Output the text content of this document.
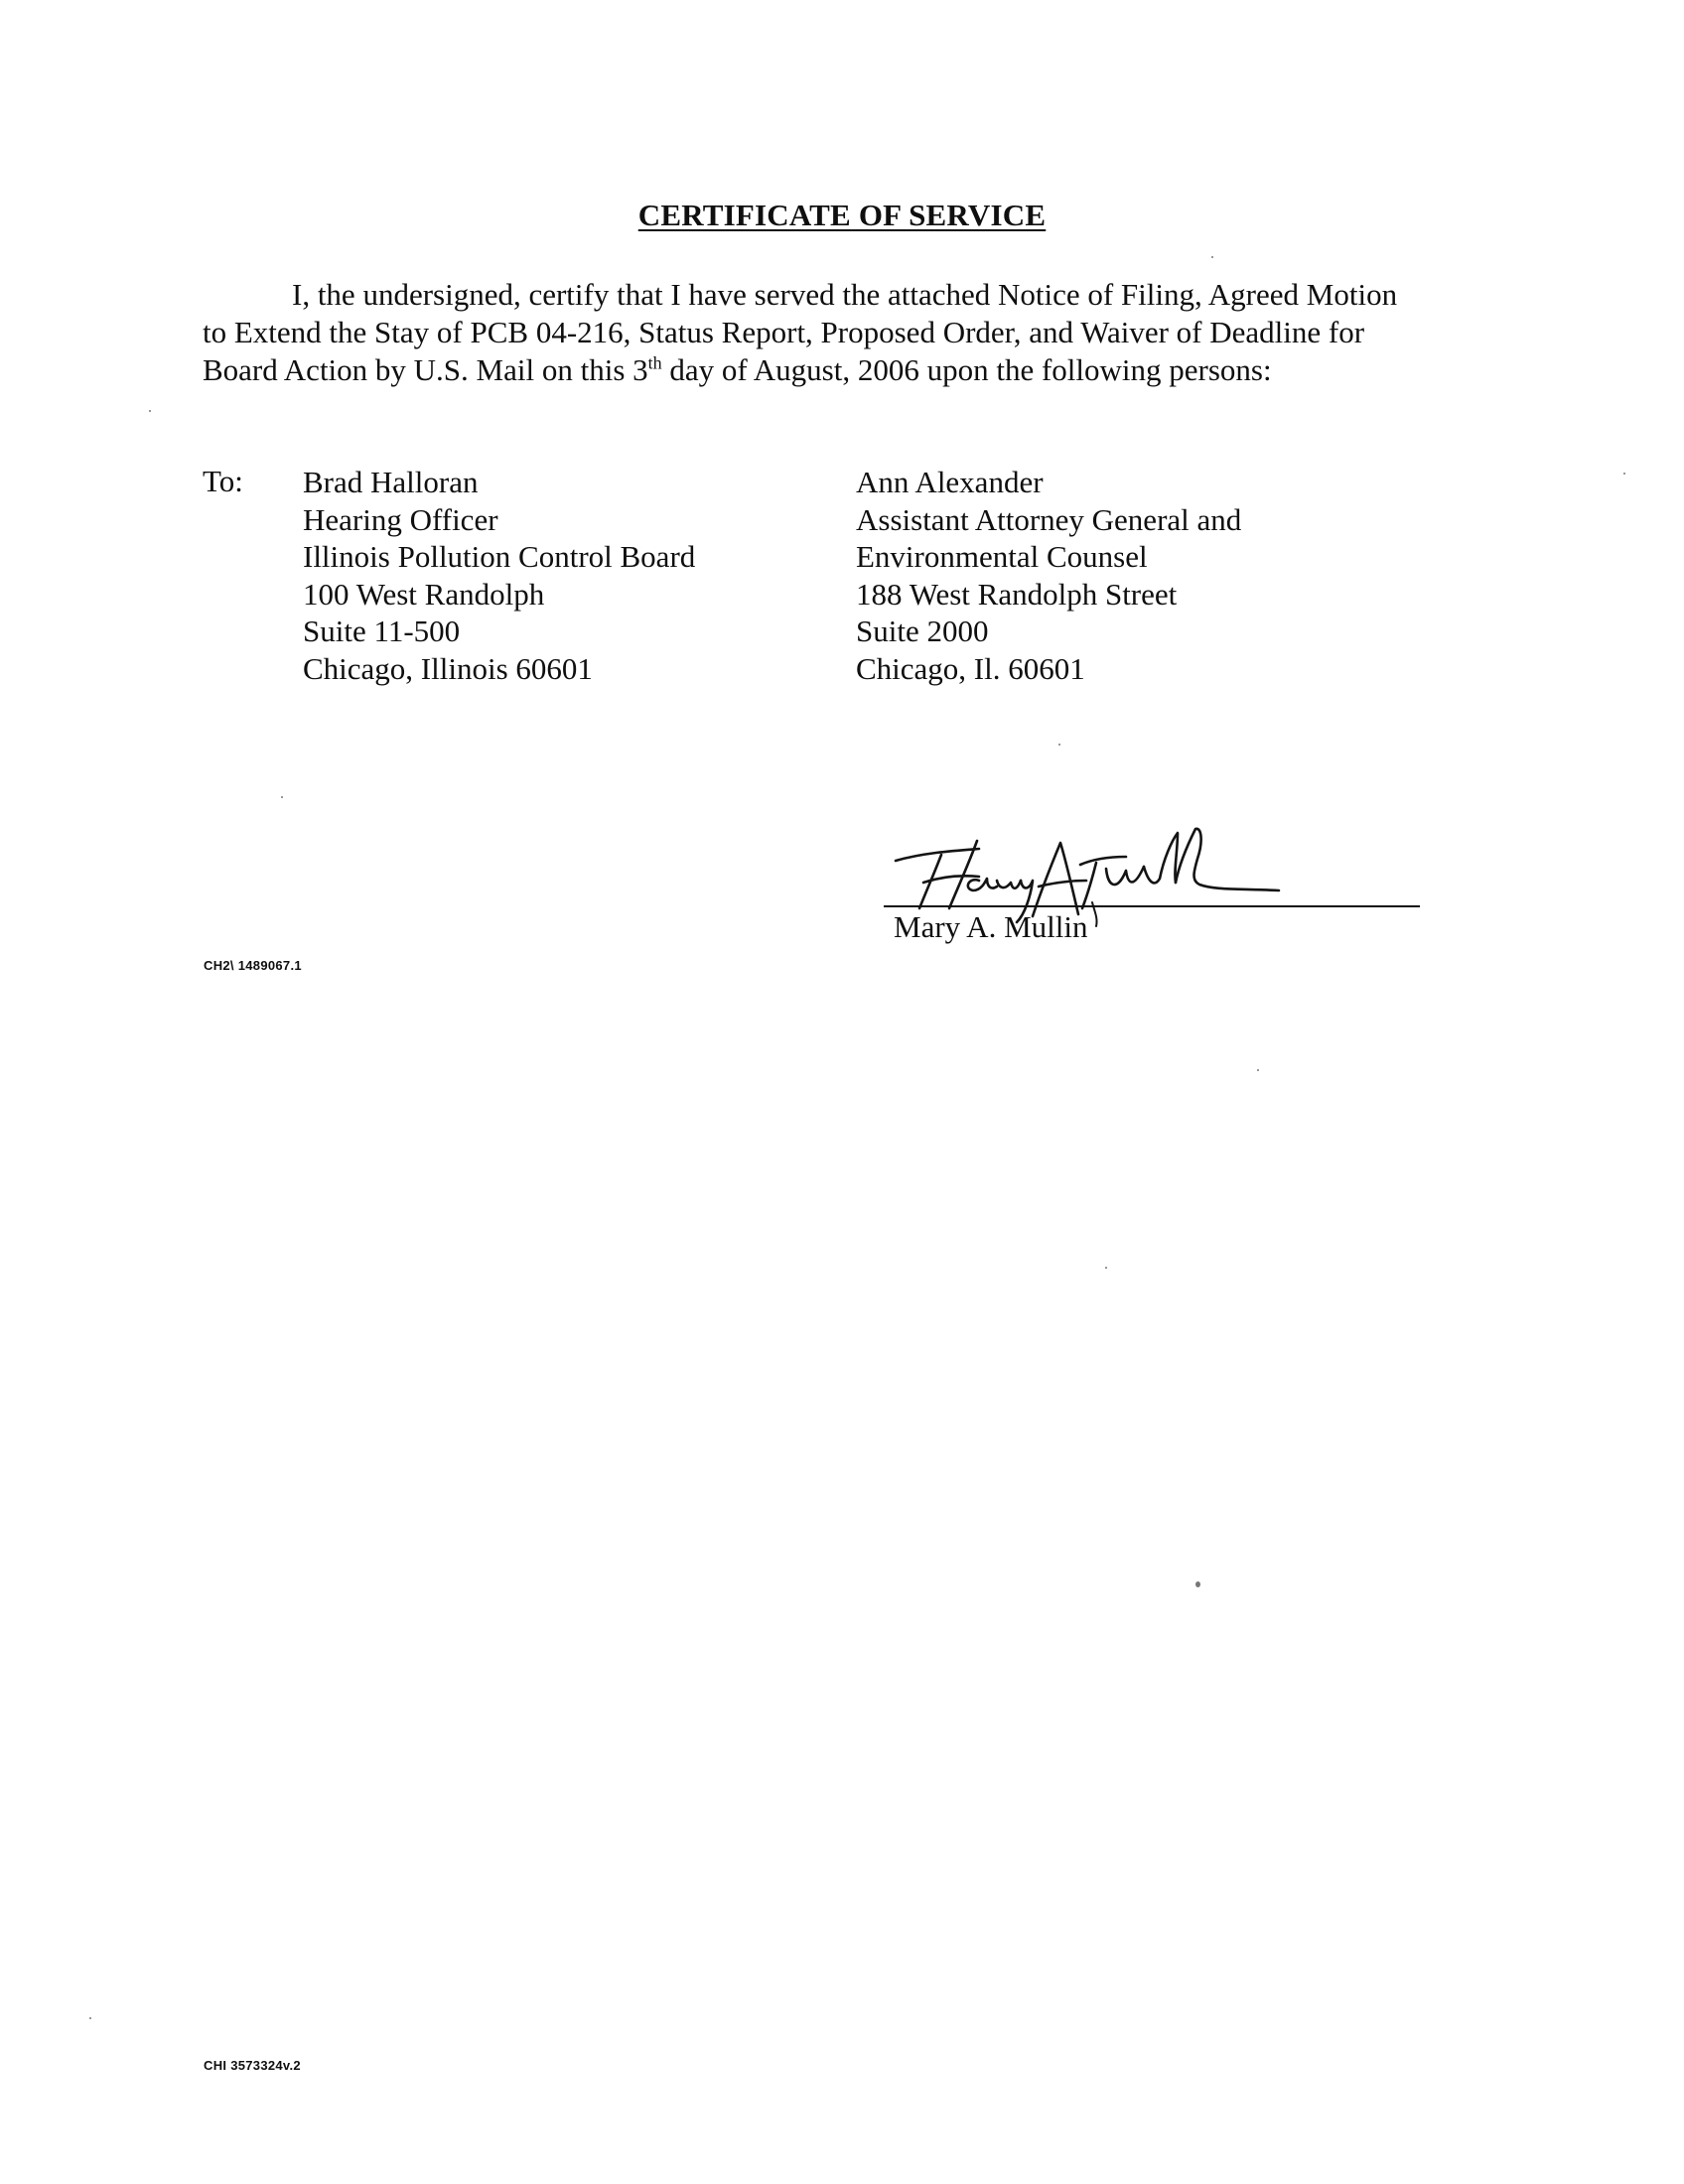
CERTIFICATE OF SERVICE
I, the undersigned, certify that I have served the attached Notice of Filing, Agreed Motion
to Extend the Stay of PCB 04-216, Status Report, Proposed Order, and Waiver of Deadline for
Board Action by U.S. Mail on this 3th day of August, 2006 upon the following persons:
To: Brad Halloran
Hearing Officer
Illinois Pollution Control Board
100 West Randolph
Suite 11-500
Chicago, Illinois 60601
Ann Alexander
Assistant Attorney General and
Environmental Counsel
188 West Randolph Street
Suite 2000
Chicago, Il. 60601
Mary A. Mullin
CH2\ 1489067.1
CHI 3573324v.2
